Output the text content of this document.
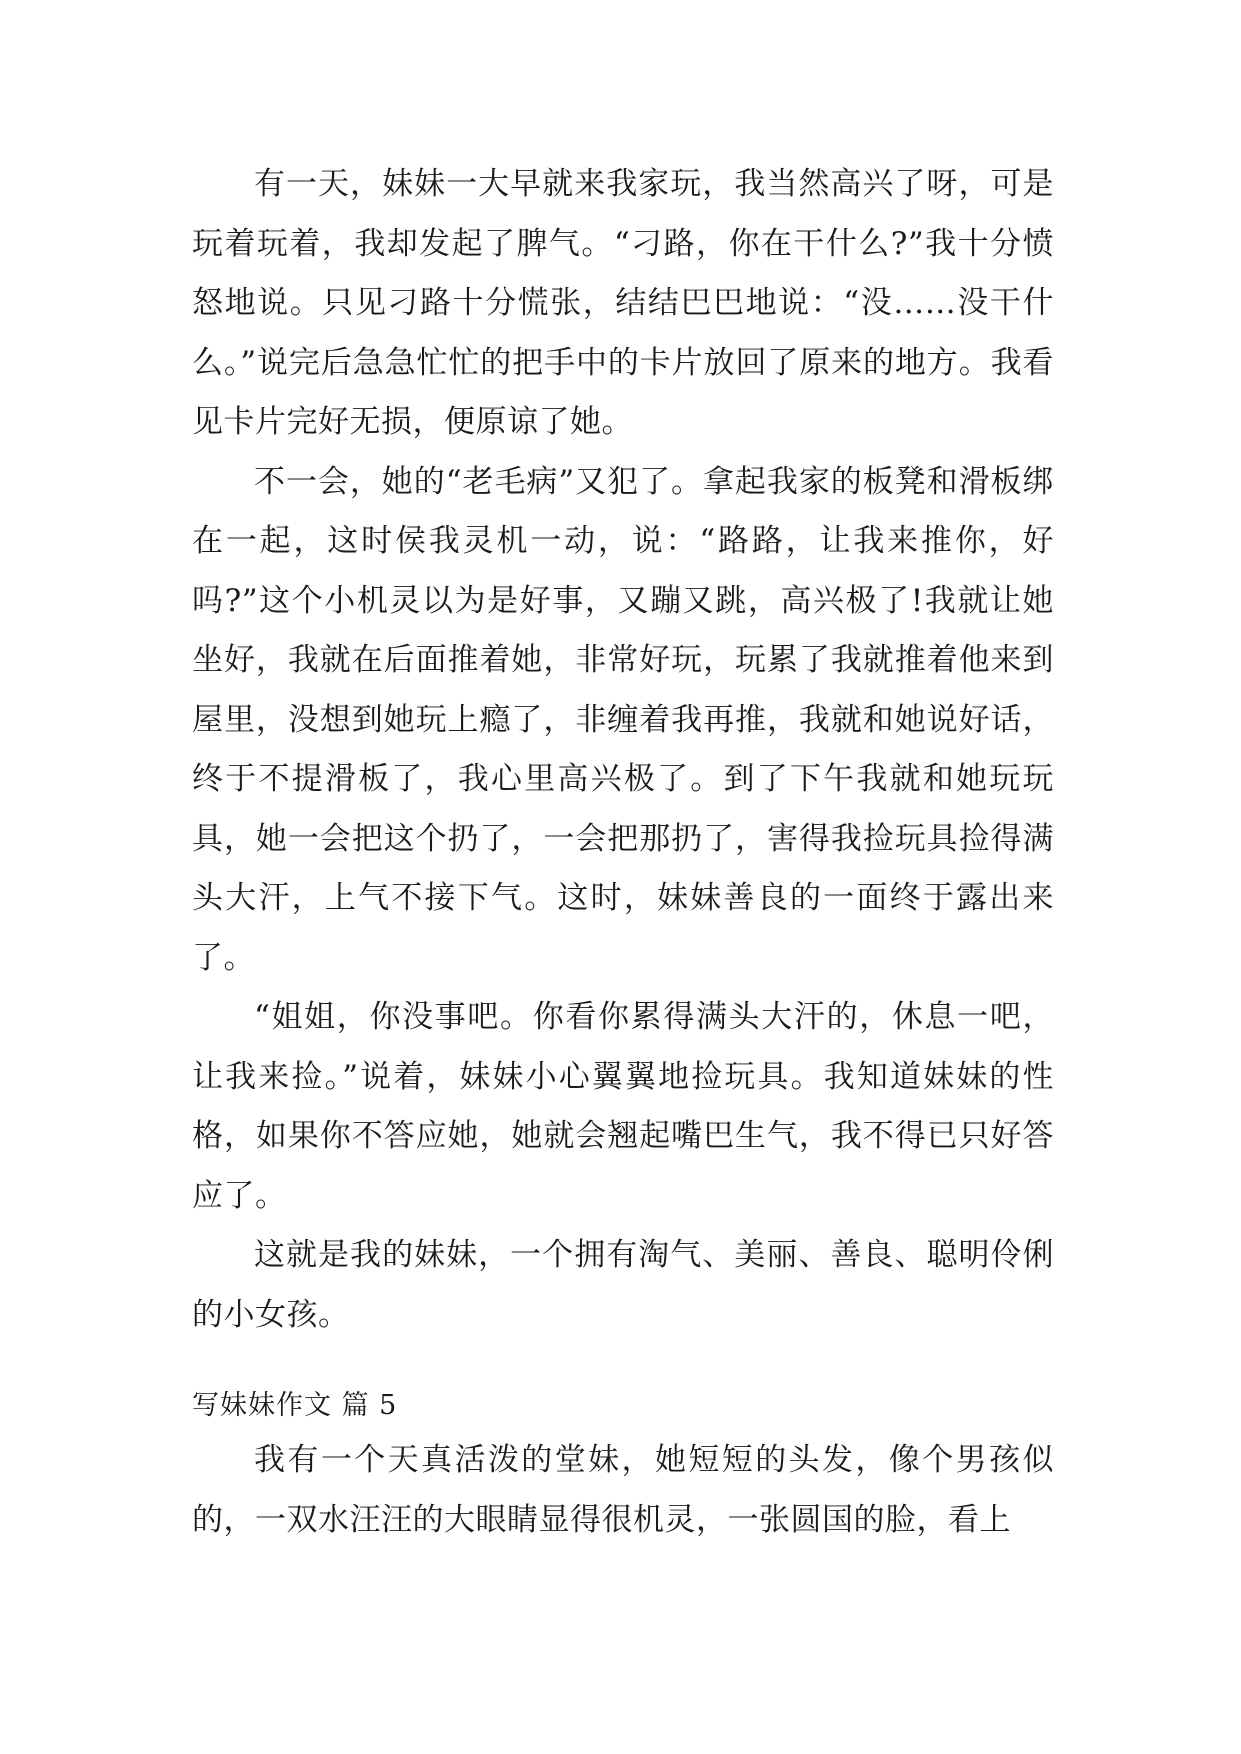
有一天，妹妹一大早就来我家玩，我当然高兴了呀，可是玩着玩着，我却发起了脾气。“刁路，你在干什么?”我十分愤怒地说。只见刁路十分慌张，结结巴巴地说：“没……没干什么。”说完后急急忙忙的把手中的卡片放回了原来的地方。我看见卡片完好无损，便原谅了她。

不一会，她的“老毛病”又犯了。拿起我家的板凳和滑板绑在一起，这时侯我灵机一动，说：“路路，让我来推你，好吗?”这个小机灵以为是好事，又蹦又跳，高兴极了!我就让她坐好，我就在后面推着她，非常好玩，玩累了我就推着他来到屋里，没想到她玩上瘾了，非缠着我再推，我就和她说好话，终于不提滑板了，我心里高兴极了。到了下午我就和她玩玩具，她一会把这个扔了，一会把那扔了，害得我捡玩具捡得满头大汗，上气不接下气。这时，妹妹善良的一面终于露出来了。

“姐姐，你没事吧。你看你累得满头大汗的，休息一吧，让我来捡。”说着，妹妹小心翼翼地捡玩具。我知道妹妹的性格，如果你不答应她，她就会翘起嘴巴生气，我不得已只好答应了。

这就是我的妹妹，一个拥有淘气、美丽、善良、聪明伶俐的小女孩。

写妹妹作文 篇 5

我有一个天真活泼的堂妹，她短短的头发，像个男孩似的，一双水汪汪的大眼睛显得很机灵，一张圆国的脸，看上
